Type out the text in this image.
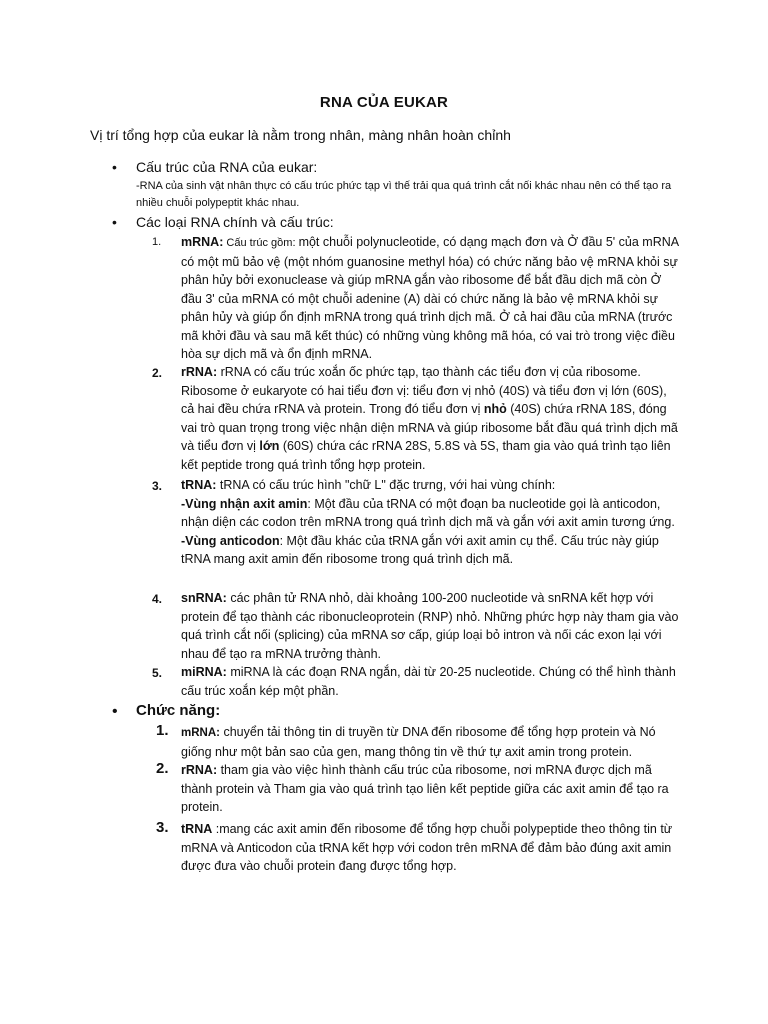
RNA CỦA EUKAR
Vị trí tổng hợp của eukar là nằm trong nhân, màng nhân hoàn chỉnh
• Cấu trúc của RNA của eukar:
-RNA của sinh vật nhân thực có cấu trúc phức tạp vì thế trải qua quá trình cắt nối khác nhau nên có thể tạo ra nhiều chuỗi polypeptit khác nhau.
• Các loại RNA chính và cấu trúc:
1.	mRNA: Cấu trúc gồm: một chuỗi polynucleotide, có dạng mạch đơn và Ở đầu 5' của mRNA có một mũ bảo vệ (một nhóm guanosine methyl hóa) có chức năng bảo vệ mRNA khỏi sự phân hủy bởi exonuclease và giúp mRNA gắn vào ribosome để bắt đầu dịch mã còn Ở đầu 3' của mRNA có một chuỗi adenine (A) dài có chức năng là bảo vệ mRNA khỏi sự phân hủy và giúp ổn định mRNA trong quá trình dịch mã. Ở cả hai đầu của mRNA (trước mã khởi đầu và sau mã kết thúc) có những vùng không mã hóa, có vai trò trong việc điều hòa sự dịch mã và ổn định mRNA.
2.	rRNA: rRNA có cấu trúc xoắn ốc phức tạp, tạo thành các tiểu đơn vị của ribosome. Ribosome ở eukaryote có hai tiểu đơn vị: tiểu đơn vị nhỏ (40S) và tiểu đơn vị lớn (60S), cả hai đều chứa rRNA và protein. Trong đó tiểu đơn vị nhỏ (40S) chứa rRNA 18S, đóng vai trò quan trọng trong việc nhận diện mRNA và giúp ribosome bắt đầu quá trình dịch mã và tiểu đơn vị lớn (60S) chứa các rRNA 28S, 5.8S và 5S, tham gia vào quá trình tạo liên kết peptide trong quá trình tổng hợp protein.
3.	tRNA: tRNA có cấu trúc hình "chữ L" đặc trưng, với hai vùng chính:
-Vùng nhận axit amin: Một đầu của tRNA có một đoạn ba nucleotide gọi là anticodon, nhận diện các codon trên mRNA trong quá trình dịch mã và gắn với axit amin tương ứng.
-Vùng anticodon: Một đầu khác của tRNA gắn với axit amin cụ thể. Cấu trúc này giúp tRNA mang axit amin đến ribosome trong quá trình dịch mã.
4.	snRNA: các phân tử RNA nhỏ, dài khoảng 100-200 nucleotide và snRNA kết hợp với protein để tạo thành các ribonucleoprotein (RNP) nhỏ. Những phức hợp này tham gia vào quá trình cắt nối (splicing) của mRNA sơ cấp, giúp loại bỏ intron và nối các exon lại với nhau để tạo ra mRNA trưởng thành.
5.	miRNA: miRNA là các đoạn RNA ngắn, dài từ 20-25 nucleotide. Chúng có thể hình thành cấu trúc xoắn kép một phần.
• Chức năng:
1. mRNA: chuyển tải thông tin di truyền từ DNA đến ribosome để tổng hợp protein và Nó giống như một bản sao của gen, mang thông tin về thứ tự axit amin trong protein.
2. rRNA: tham gia vào việc hình thành cấu trúc của ribosome, nơi mRNA được dịch mã thành protein và Tham gia vào quá trình tạo liên kết peptide giữa các axit amin để tạo ra protein.
3. tRNA :mang các axit amin đến ribosome để tổng hợp chuỗi polypeptide theo thông tin từ mRNA và Anticodon của tRNA kết hợp với codon trên mRNA để đảm bảo đúng axit amin được đưa vào chuỗi protein đang được tổng hợp.
